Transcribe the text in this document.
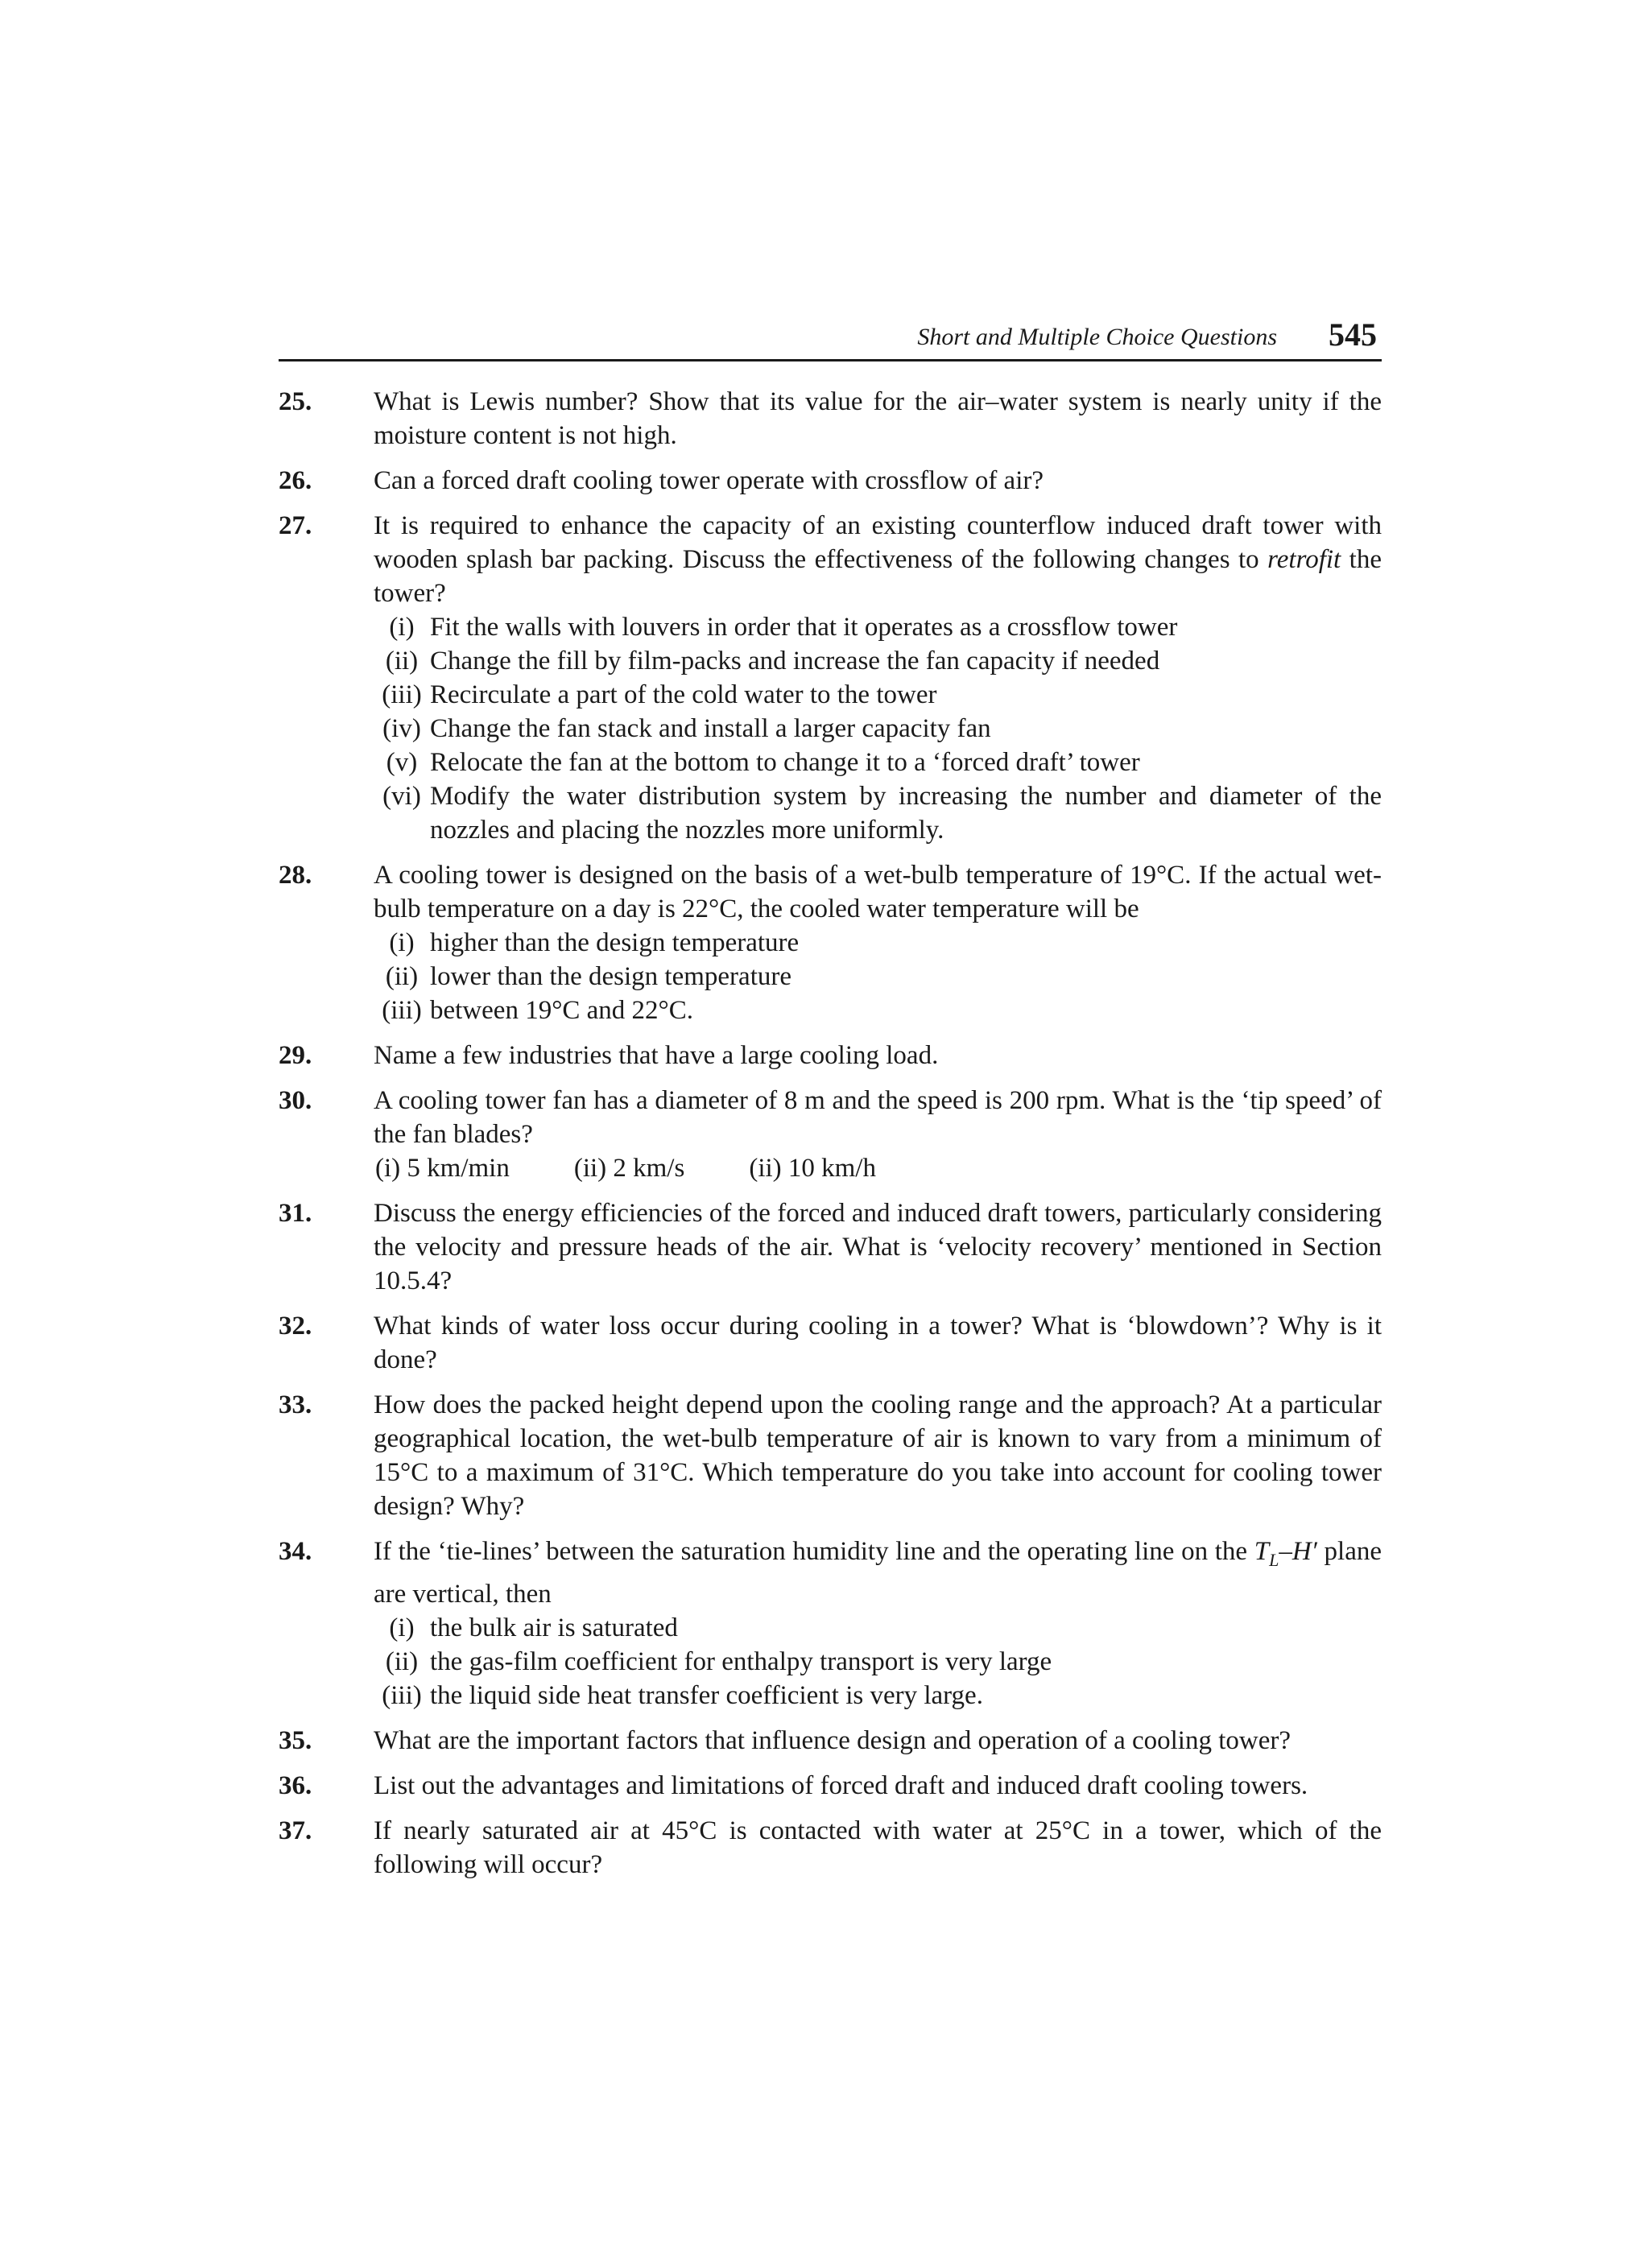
Short and Multiple Choice Questions 545
25.	What is Lewis number? Show that its value for the air–water system is nearly unity if the moisture content is not high.
26.	Can a forced draft cooling tower operate with crossflow of air?
27.	It is required to enhance the capacity of an existing counterflow induced draft tower with wooden splash bar packing. Discuss the effectiveness of the following changes to retrofit the tower?
(i) Fit the walls with louvers in order that it operates as a crossflow tower
(ii) Change the fill by film-packs and increase the fan capacity if needed
(iii) Recirculate a part of the cold water to the tower
(iv) Change the fan stack and install a larger capacity fan
(v) Relocate the fan at the bottom to change it to a ‘forced draft’ tower
(vi) Modify the water distribution system by increasing the number and diameter of the nozzles and placing the nozzles more uniformly.
28.	A cooling tower is designed on the basis of a wet-bulb temperature of 19°C. If the actual wet-bulb temperature on a day is 22°C, the cooled water temperature will be
(i) higher than the design temperature
(ii) lower than the design temperature
(iii) between 19°C and 22°C.
29.	Name a few industries that have a large cooling load.
30.	A cooling tower fan has a diameter of 8 m and the speed is 200 rpm. What is the ‘tip speed’ of the fan blades?
(i) 5 km/min (ii) 2 km/s (ii) 10 km/h
31.	Discuss the energy efficiencies of the forced and induced draft towers, particularly considering the velocity and pressure heads of the air. What is ‘velocity recovery’ mentioned in Section 10.5.4?
32.	What kinds of water loss occur during cooling in a tower? What is ‘blowdown’? Why is it done?
33.	How does the packed height depend upon the cooling range and the approach? At a particular geographical location, the wet-bulb temperature of air is known to vary from a minimum of 15°C to a maximum of 31°C. Which temperature do you take into account for cooling tower design? Why?
34.	If the ‘tie-lines’ between the saturation humidity line and the operating line on the $T_L-H'$ plane are vertical, then
(i) the bulk air is saturated
(ii) the gas-film coefficient for enthalpy transport is very large
(iii) the liquid side heat transfer coefficient is very large.
35.	What are the important factors that influence design and operation of a cooling tower?
36.	List out the advantages and limitations of forced draft and induced draft cooling towers.
37.	If nearly saturated air at 45°C is contacted with water at 25°C in a tower, which of the following will occur?
